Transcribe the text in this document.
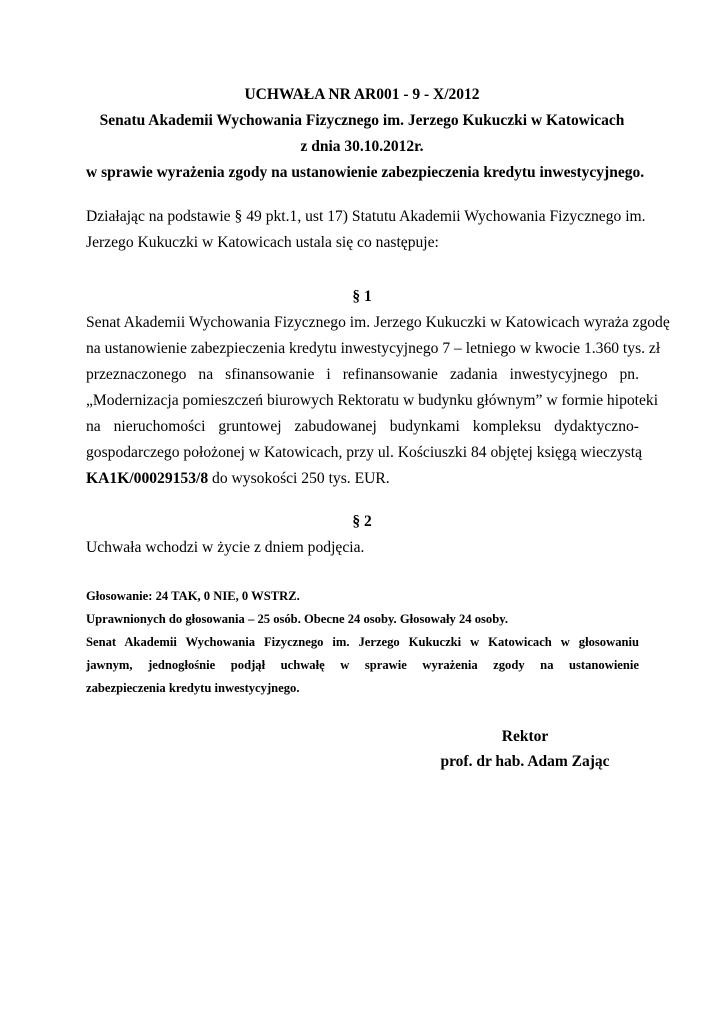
UCHWAŁA NR AR001 - 9 - X/2012
Senatu Akademii Wychowania Fizycznego im. Jerzego Kukuczki w Katowicach
z dnia 30.10.2012r.
w sprawie wyrażenia zgody na ustanowienie zabezpieczenia kredytu inwestycyjnego.
Działając na podstawie § 49 pkt.1, ust 17) Statutu Akademii Wychowania Fizycznego im.
Jerzego Kukuczki w Katowicach ustala się co następuje:
§ 1
Senat Akademii Wychowania Fizycznego im. Jerzego Kukuczki w Katowicach wyraża zgodę
na ustanowienie zabezpieczenia kredytu inwestycyjnego 7 – letniego w kwocie 1.360 tys. zł
przeznaczonego na sfinansowanie i refinansowanie zadania inwestycyjnego pn.
„Modernizacja pomieszczeń biurowych Rektoratu w budynku głównym” w formie hipoteki
na nieruchomości gruntowej zabudowanej budynkami kompleksu dydaktyczno-
gospodarczego położonej w Katowicach, przy ul. Kościuszki 84 objętej księgą wieczystą
KA1K/00029153/8 do wysokości 250 tys. EUR.
§ 2
Uchwała wchodzi w życie z dniem podjęcia.
Głosowanie: 24 TAK, 0 NIE, 0 WSTRZ.
Uprawnionych do głosowania – 25 osób. Obecne 24 osoby. Głosowały 24 osoby.
Senat Akademii Wychowania Fizycznego im. Jerzego Kukuczki w Katowicach w głosowaniu
jawnym, jednogłośnie podjął uchwałę w sprawie wyrażenia zgody na ustanowienie
zabezpieczenia kredytu inwestycyjnego.
Rektor
prof. dr hab. Adam Zając
